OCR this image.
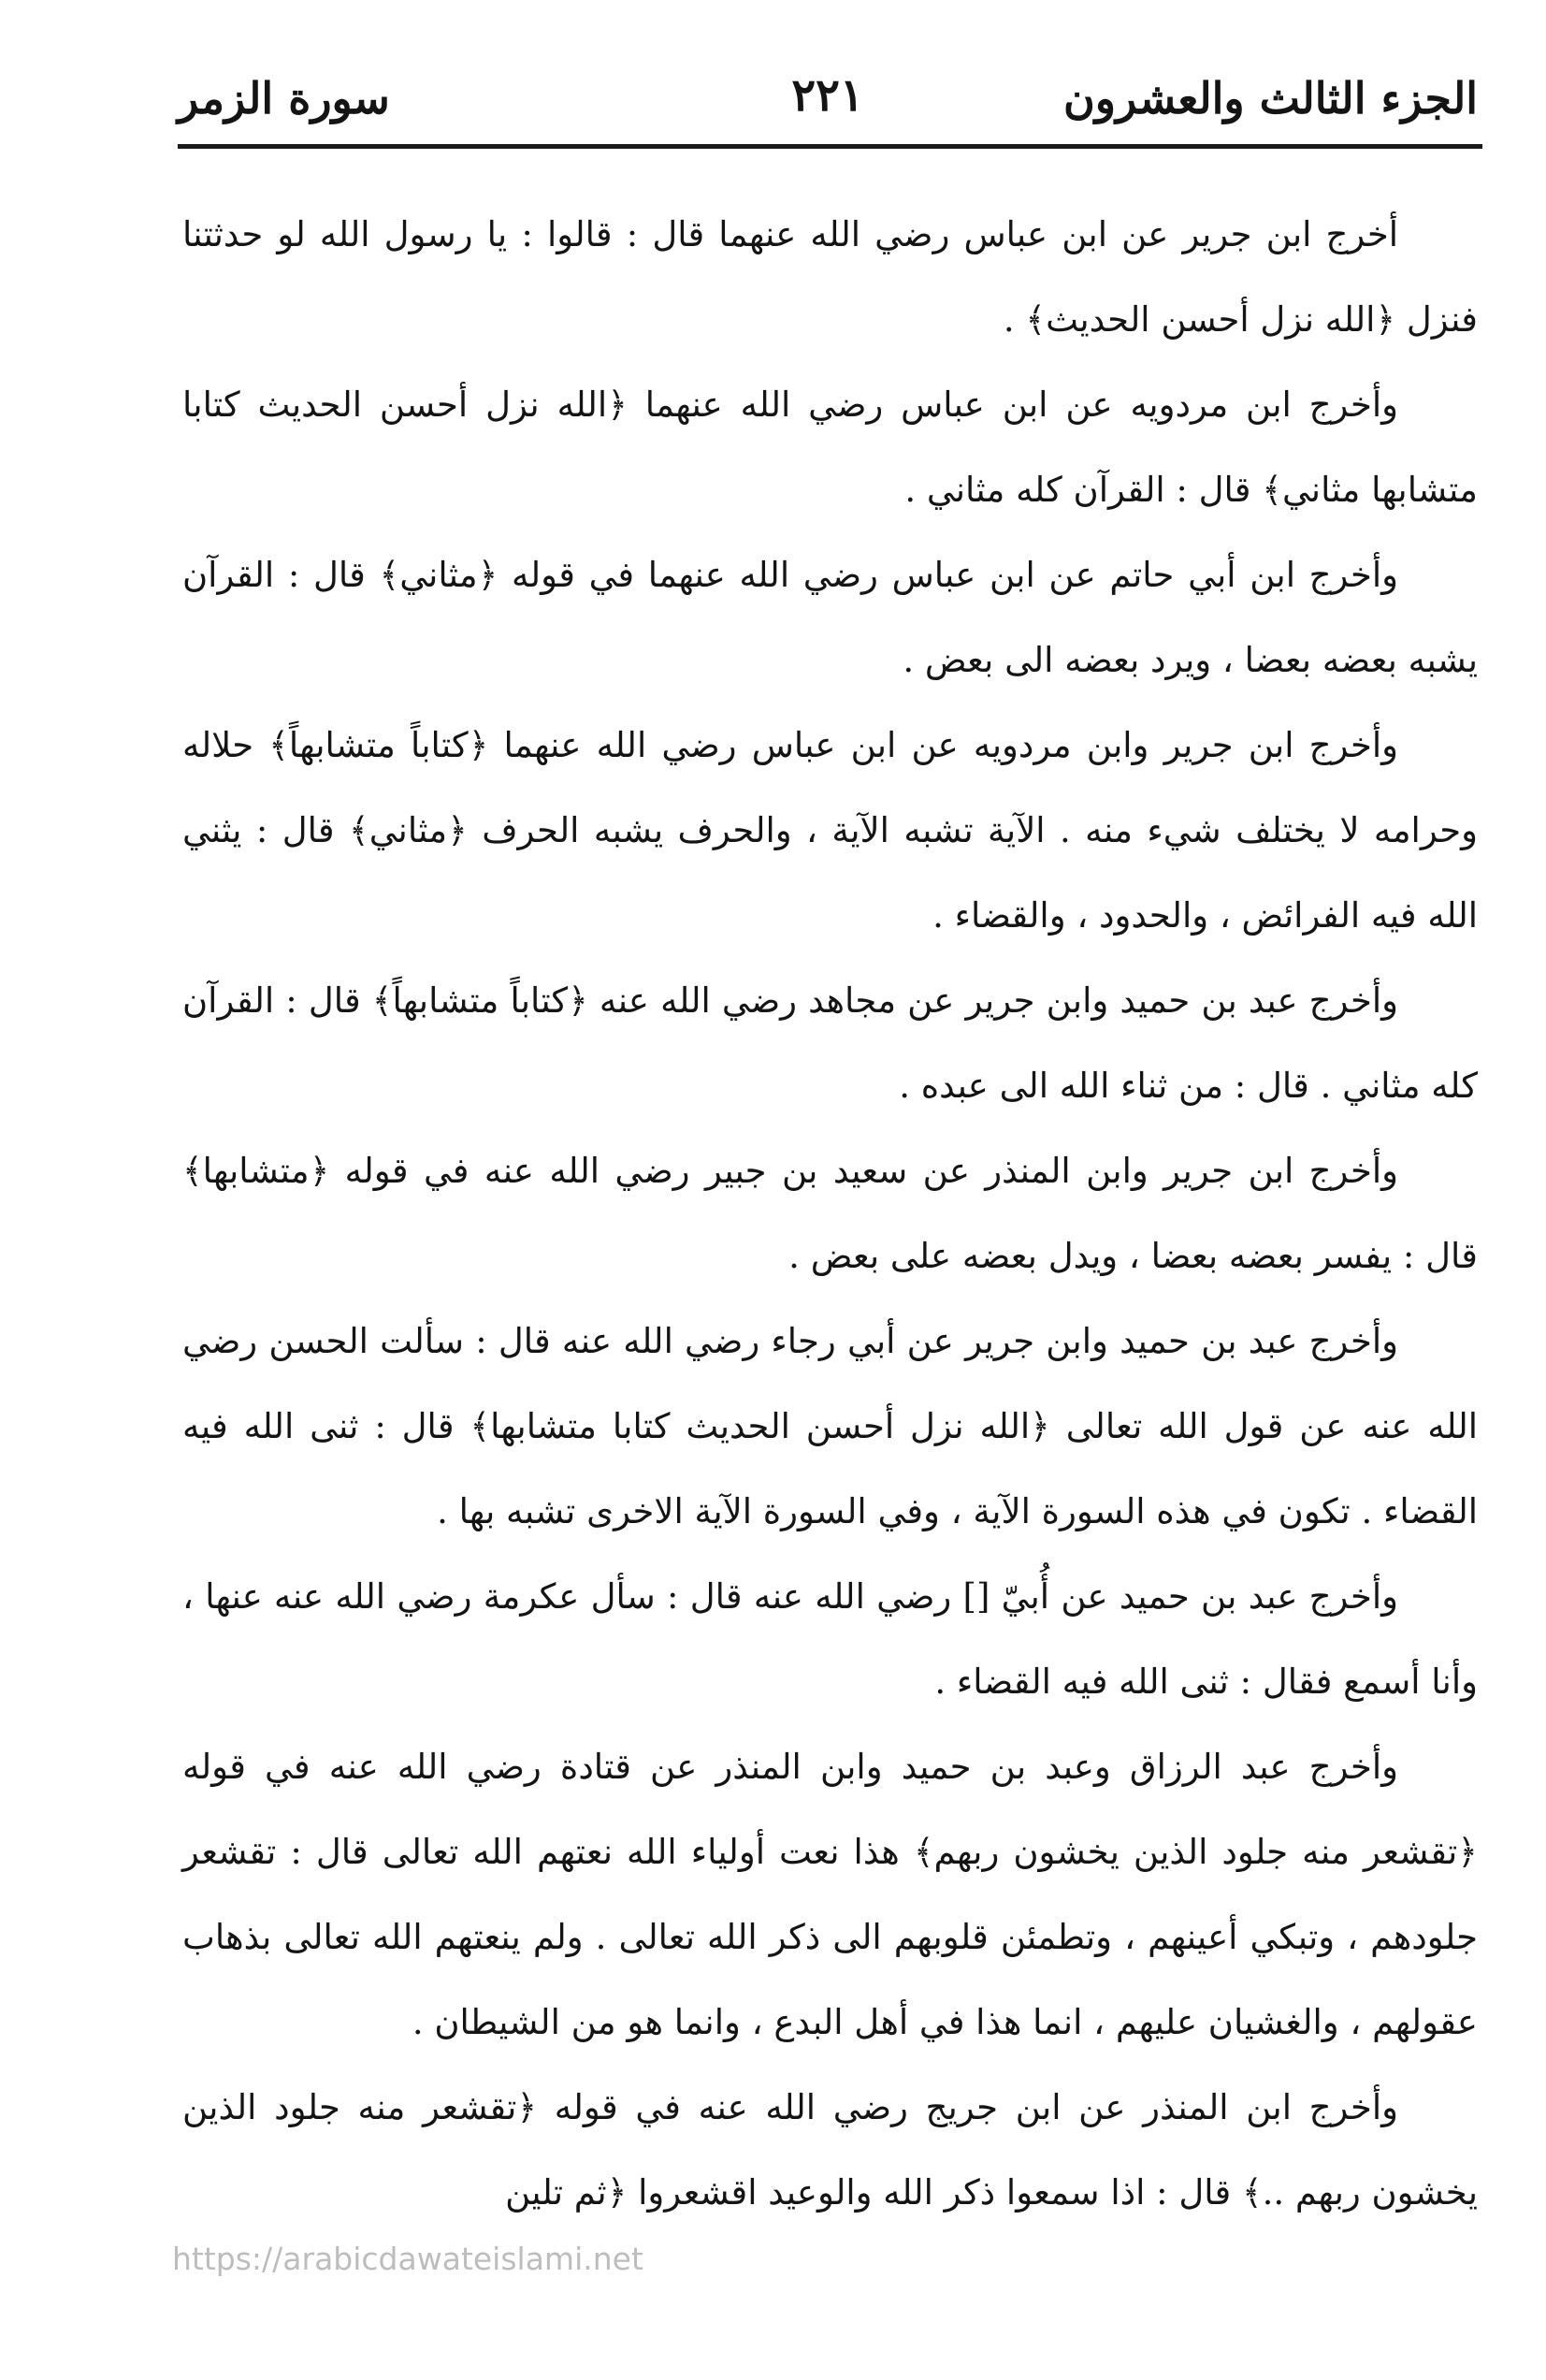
الجزء الثالث والعشرون
٢٢١
سورة الزمر

أخرج ابن جرير عن ابن عباس رضي الله عنهما قال : قالوا : يا رسول الله لو حدثتنا فنزل ﴿الله نزل أحسن الحديث﴾ .

وأخرج ابن مردويه عن ابن عباس رضي الله عنهما ﴿الله نزل أحسن الحديث كتابا متشابها مثاني﴾ قال : القرآن كله مثاني .

وأخرج ابن أبي حاتم عن ابن عباس رضي الله عنهما في قوله ﴿مثاني﴾ قال : القرآن يشبه بعضه بعضا ، ويرد بعضه الى بعض .

وأخرج ابن جرير وابن مردويه عن ابن عباس رضي الله عنهما ﴿كتاباً متشابهاً﴾ حلاله وحرامه لا يختلف شيء منه . الآية تشبه الآية ، والحرف يشبه الحرف ﴿مثاني﴾ قال : يثني الله فيه الفرائض ، والحدود ، والقضاء .

وأخرج عبد بن حميد وابن جرير عن مجاهد رضي الله عنه ﴿كتاباً متشابهاً﴾ قال : القرآن كله مثاني . قال : من ثناء الله الى عبده .

وأخرج ابن جرير وابن المنذر عن سعيد بن جبير رضي الله عنه في قوله ﴿متشابها﴾ قال : يفسر بعضه بعضا ، ويدل بعضه على بعض .

وأخرج عبد بن حميد وابن جرير عن أبي رجاء رضي الله عنه قال : سألت الحسن رضي الله عنه عن قول الله تعالى ﴿الله نزل أحسن الحديث كتابا متشابها﴾ قال : ثنى الله فيه القضاء . تكون في هذه السورة الآية ، وفي السورة الآية الاخرى تشبه بها .

وأخرج عبد بن حميد عن أُبيّ [] رضي الله عنه قال : سأل عكرمة رضي الله عنه عنها ، وأنا أسمع فقال : ثنى الله فيه القضاء .

وأخرج عبد الرزاق وعبد بن حميد وابن المنذر عن قتادة رضي الله عنه في قوله ﴿تقشعر منه جلود الذين يخشون ربهم﴾ هذا نعت أولياء الله نعتهم الله تعالى قال : تقشعر جلودهم ، وتبكي أعينهم ، وتطمئن قلوبهم الى ذكر الله تعالى . ولم ينعتهم الله تعالى بذهاب عقولهم ، والغشيان عليهم ، انما هذا في أهل البدع ، وانما هو من الشيطان .

وأخرج ابن المنذر عن ابن جريج رضي الله عنه في قوله ﴿تقشعر منه جلود الذين يخشون ربهم ..﴾ قال : اذا سمعوا ذكر الله والوعيد اقشعروا ﴿ثم تلين

https://arabicdawateislami.net
